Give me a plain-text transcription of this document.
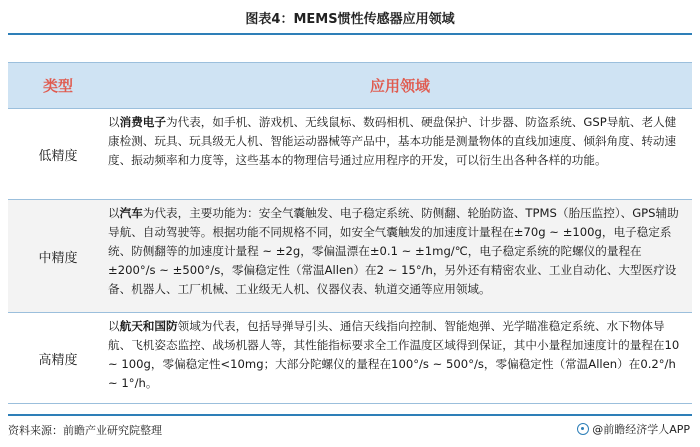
图表4：MEMS惯性传感器应用领域
类型	应用领域
低精度
以消费电子为代表，如手机、游戏机、无线鼠标、数码相机、硬盘保护、计步器、防盗系统、GSP导航、老人健康检测、玩具、玩具级无人机、智能运动器械等产品中，基本功能是测量物体的直线加速度、倾斜角度、转动速度、振动频率和力度等，这些基本的物理信号通过应用程序的开发，可以衍生出各种各样的功能。
中精度
以汽车为代表，主要功能为：安全气囊触发、电子稳定系统、防侧翻、轮胎防盗、TPMS（胎压监控）、GPS辅助导航、自动驾驶等。根据功能不同规格不同，如安全气囊触发的加速度计量程在±70g ~ ±100g，电子稳定系统、防侧翻等的加速度计量程 ~ ±2g，零偏温漂在±0.1 ~ ±1mg/℃，电子稳定系统的陀螺仪的量程在±200°/s ~ ±500°/s，零偏稳定性（常温Allen）在2 ~ 15°/h，另外还有精密农业、工业自动化、大型医疗设备、机器人、工厂机械、工业级无人机、仪器仪表、轨道交通等应用领域。
高精度
以航天和国防领域为代表，包括导弹导引头、通信天线指向控制、智能炮弹、光学瞄准稳定系统、水下物体导航、飞机姿态监控、战场机器人等，其性能指标要求全工作温度区域得到保证，其中小量程加速度计的量程在10 ~ 100g，零偏稳定性<10mg；大部分陀螺仪的量程在100°/s ~ 500°/s，零偏稳定性（常温Allen）在0.2°/h ~ 1°/h。
资料来源：前瞻产业研究院整理	@前瞻经济学人APP
